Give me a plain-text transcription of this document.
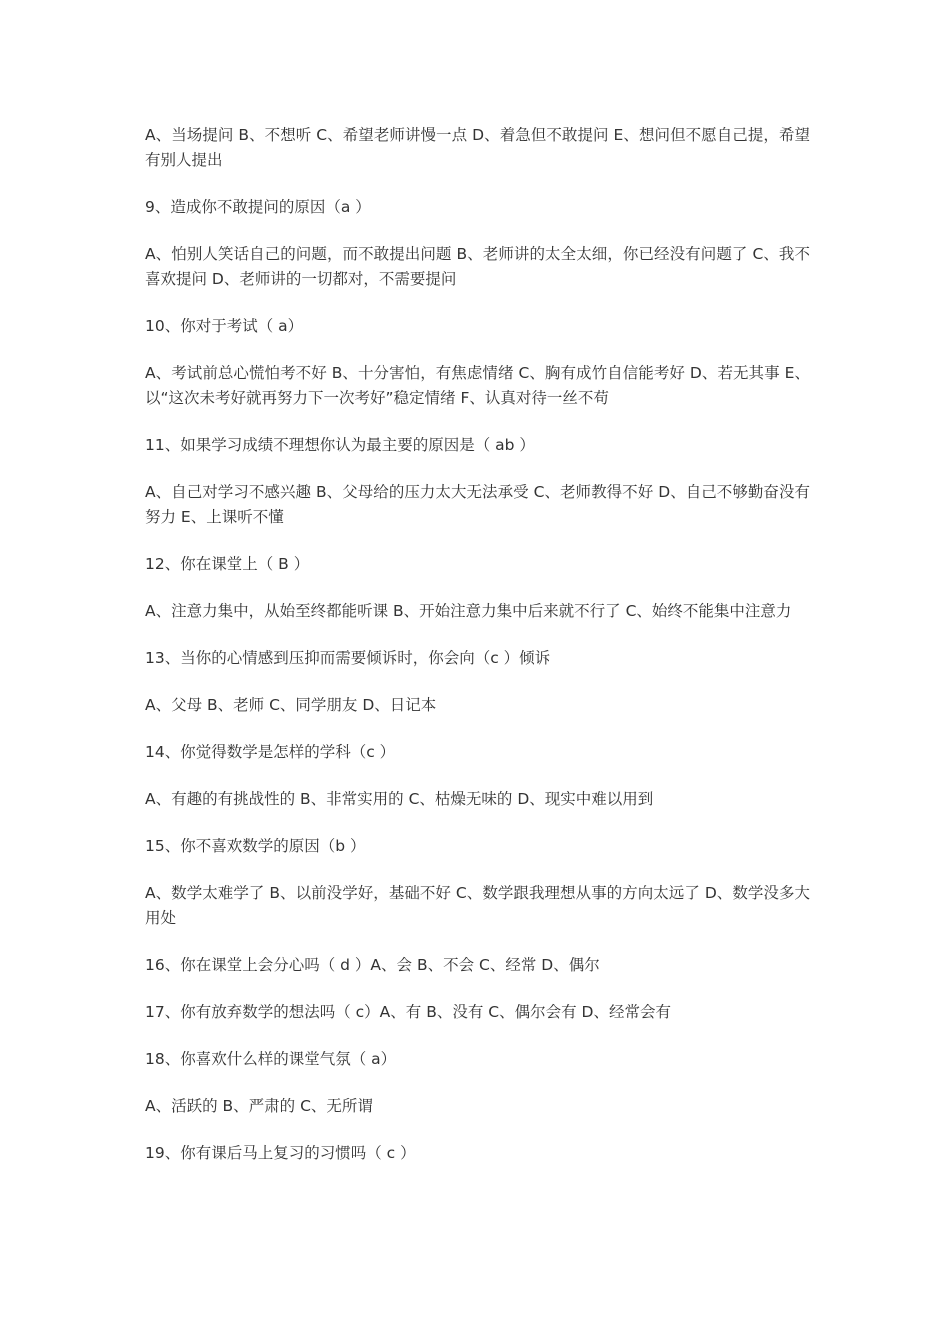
A、当场提问 B、不想听 C、希望老师讲慢一点 D、着急但不敢提问 E、想问但不愿自己提，希望有别人提出

9、造成你不敢提问的原因（a ）

A、怕别人笑话自己的问题，而不敢提出问题 B、老师讲的太全太细，你已经没有问题了 C、我不喜欢提问 D、老师讲的一切都对，不需要提问

10、你对于考试（ a）

A、考试前总心慌怕考不好 B、十分害怕，有焦虑情绪 C、胸有成竹自信能考好 D、若无其事 E、以“这次未考好就再努力下一次考好”稳定情绪 F、认真对待一丝不苟

11、如果学习成绩不理想你认为最主要的原因是（ ab ）

A、自己对学习不感兴趣 B、父母给的压力太大无法承受 C、老师教得不好 D、自己不够勤奋没有努力 E、上课听不懂

12、你在课堂上（ B ）

A、注意力集中，从始至终都能听课 B、开始注意力集中后来就不行了 C、始终不能集中注意力

13、当你的心情感到压抑而需要倾诉时，你会向（c ）倾诉

A、父母 B、老师 C、同学朋友 D、日记本

14、你觉得数学是怎样的学科（c ）

A、有趣的有挑战性的 B、非常实用的 C、枯燥无味的 D、现实中难以用到

15、你不喜欢数学的原因（b ）

A、数学太难学了 B、以前没学好，基础不好 C、数学跟我理想从事的方向太远了 D、数学没多大用处

16、你在课堂上会分心吗（ d ）A、会 B、不会 C、经常 D、偶尔

17、你有放弃数学的想法吗（ c）A、有 B、没有 C、偶尔会有 D、经常会有

18、你喜欢什么样的课堂气氛（ a）

A、活跃的 B、严肃的 C、无所谓

19、你有课后马上复习的习惯吗（ c ）
